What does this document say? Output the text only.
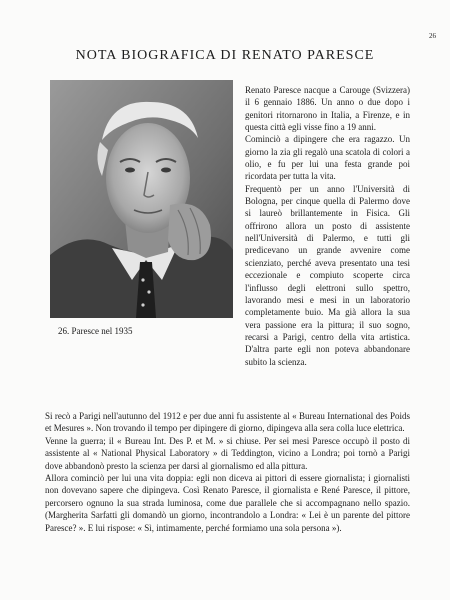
26
NOTA BIOGRAFICA DI RENATO PARESCE
26. Paresce nel 1935

Renato Paresce nacque a Carouge (Svizzera) il 6 gennaio 1886. Un anno o due dopo i genitori ritornarono in Italia, a Firenze, e in questa città egli visse fino a 19 anni.

Cominciò a dipingere che era ragazzo. Un giorno la zia gli regalò una scatola di colori a olio, e fu per lui una festa grande poi ricordata per tutta la vita.

Frequentò per un anno l'Università di Bologna, per cinque quella di Palermo dove si laureò brillantemente in Fisica. Gli offrirono allora un posto di assistente nell'Università di Palermo, e tutti gli predicevano un grande avvenire come scienziato, perché aveva presentato una tesi eccezionale e compiuto scoperte circa l'influsso degli elettroni sullo spettro, lavorando mesi e mesi in un laboratorio completamente buio. Ma già allora la sua vera passione era la pittura; il suo sogno, recarsi a Parigi, centro della vita artistica. D'altra parte egli non poteva abbandonare subito la scienza.

Si recò a Parigi nell'autunno del 1912 e per due anni fu assistente al « Bureau International des Poids et Mesures ». Non trovando il tempo per dipingere di giorno, dipingeva alla sera colla luce elettrica.

Venne la guerra; il « Bureau Int. Des P. et M. » si chiuse. Per sei mesi Paresce occupò il posto di assistente al « National Physical Laboratory » di Teddington, vicino a Londra; poi tornò a Parigi dove abbandonò presto la scienza per darsi al giornalismo ed alla pittura.

Allora cominciò per lui una vita doppia: egli non diceva ai pittori di essere giornalista; i giornalisti non dovevano sapere che dipingeva. Così Renato Paresce, il giornalista e René Paresce, il pittore, percorsero ognuno la sua strada luminosa, come due parallele che si accompagnano nello spazio. (Margherita Sarfatti gli domandò un giorno, incontrandolo a Londra: « Lei è un parente del pittore Paresce? ». E lui rispose: « Sì, intimamente, perché formiamo una sola persona »).
